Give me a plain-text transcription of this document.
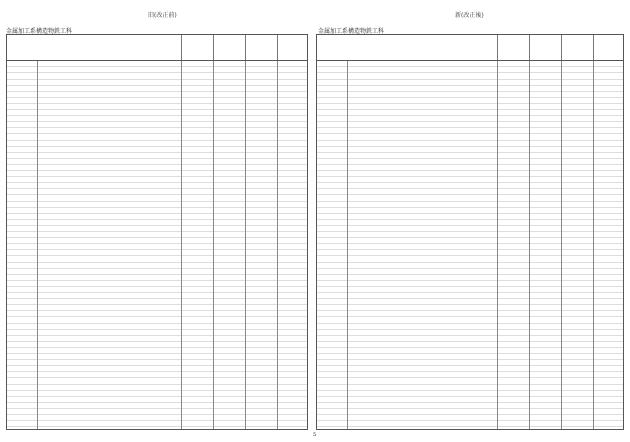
旧(改正前)	新(改正後)
金属加工系構造物鉄工科	金属加工系構造物鉄工科
5
